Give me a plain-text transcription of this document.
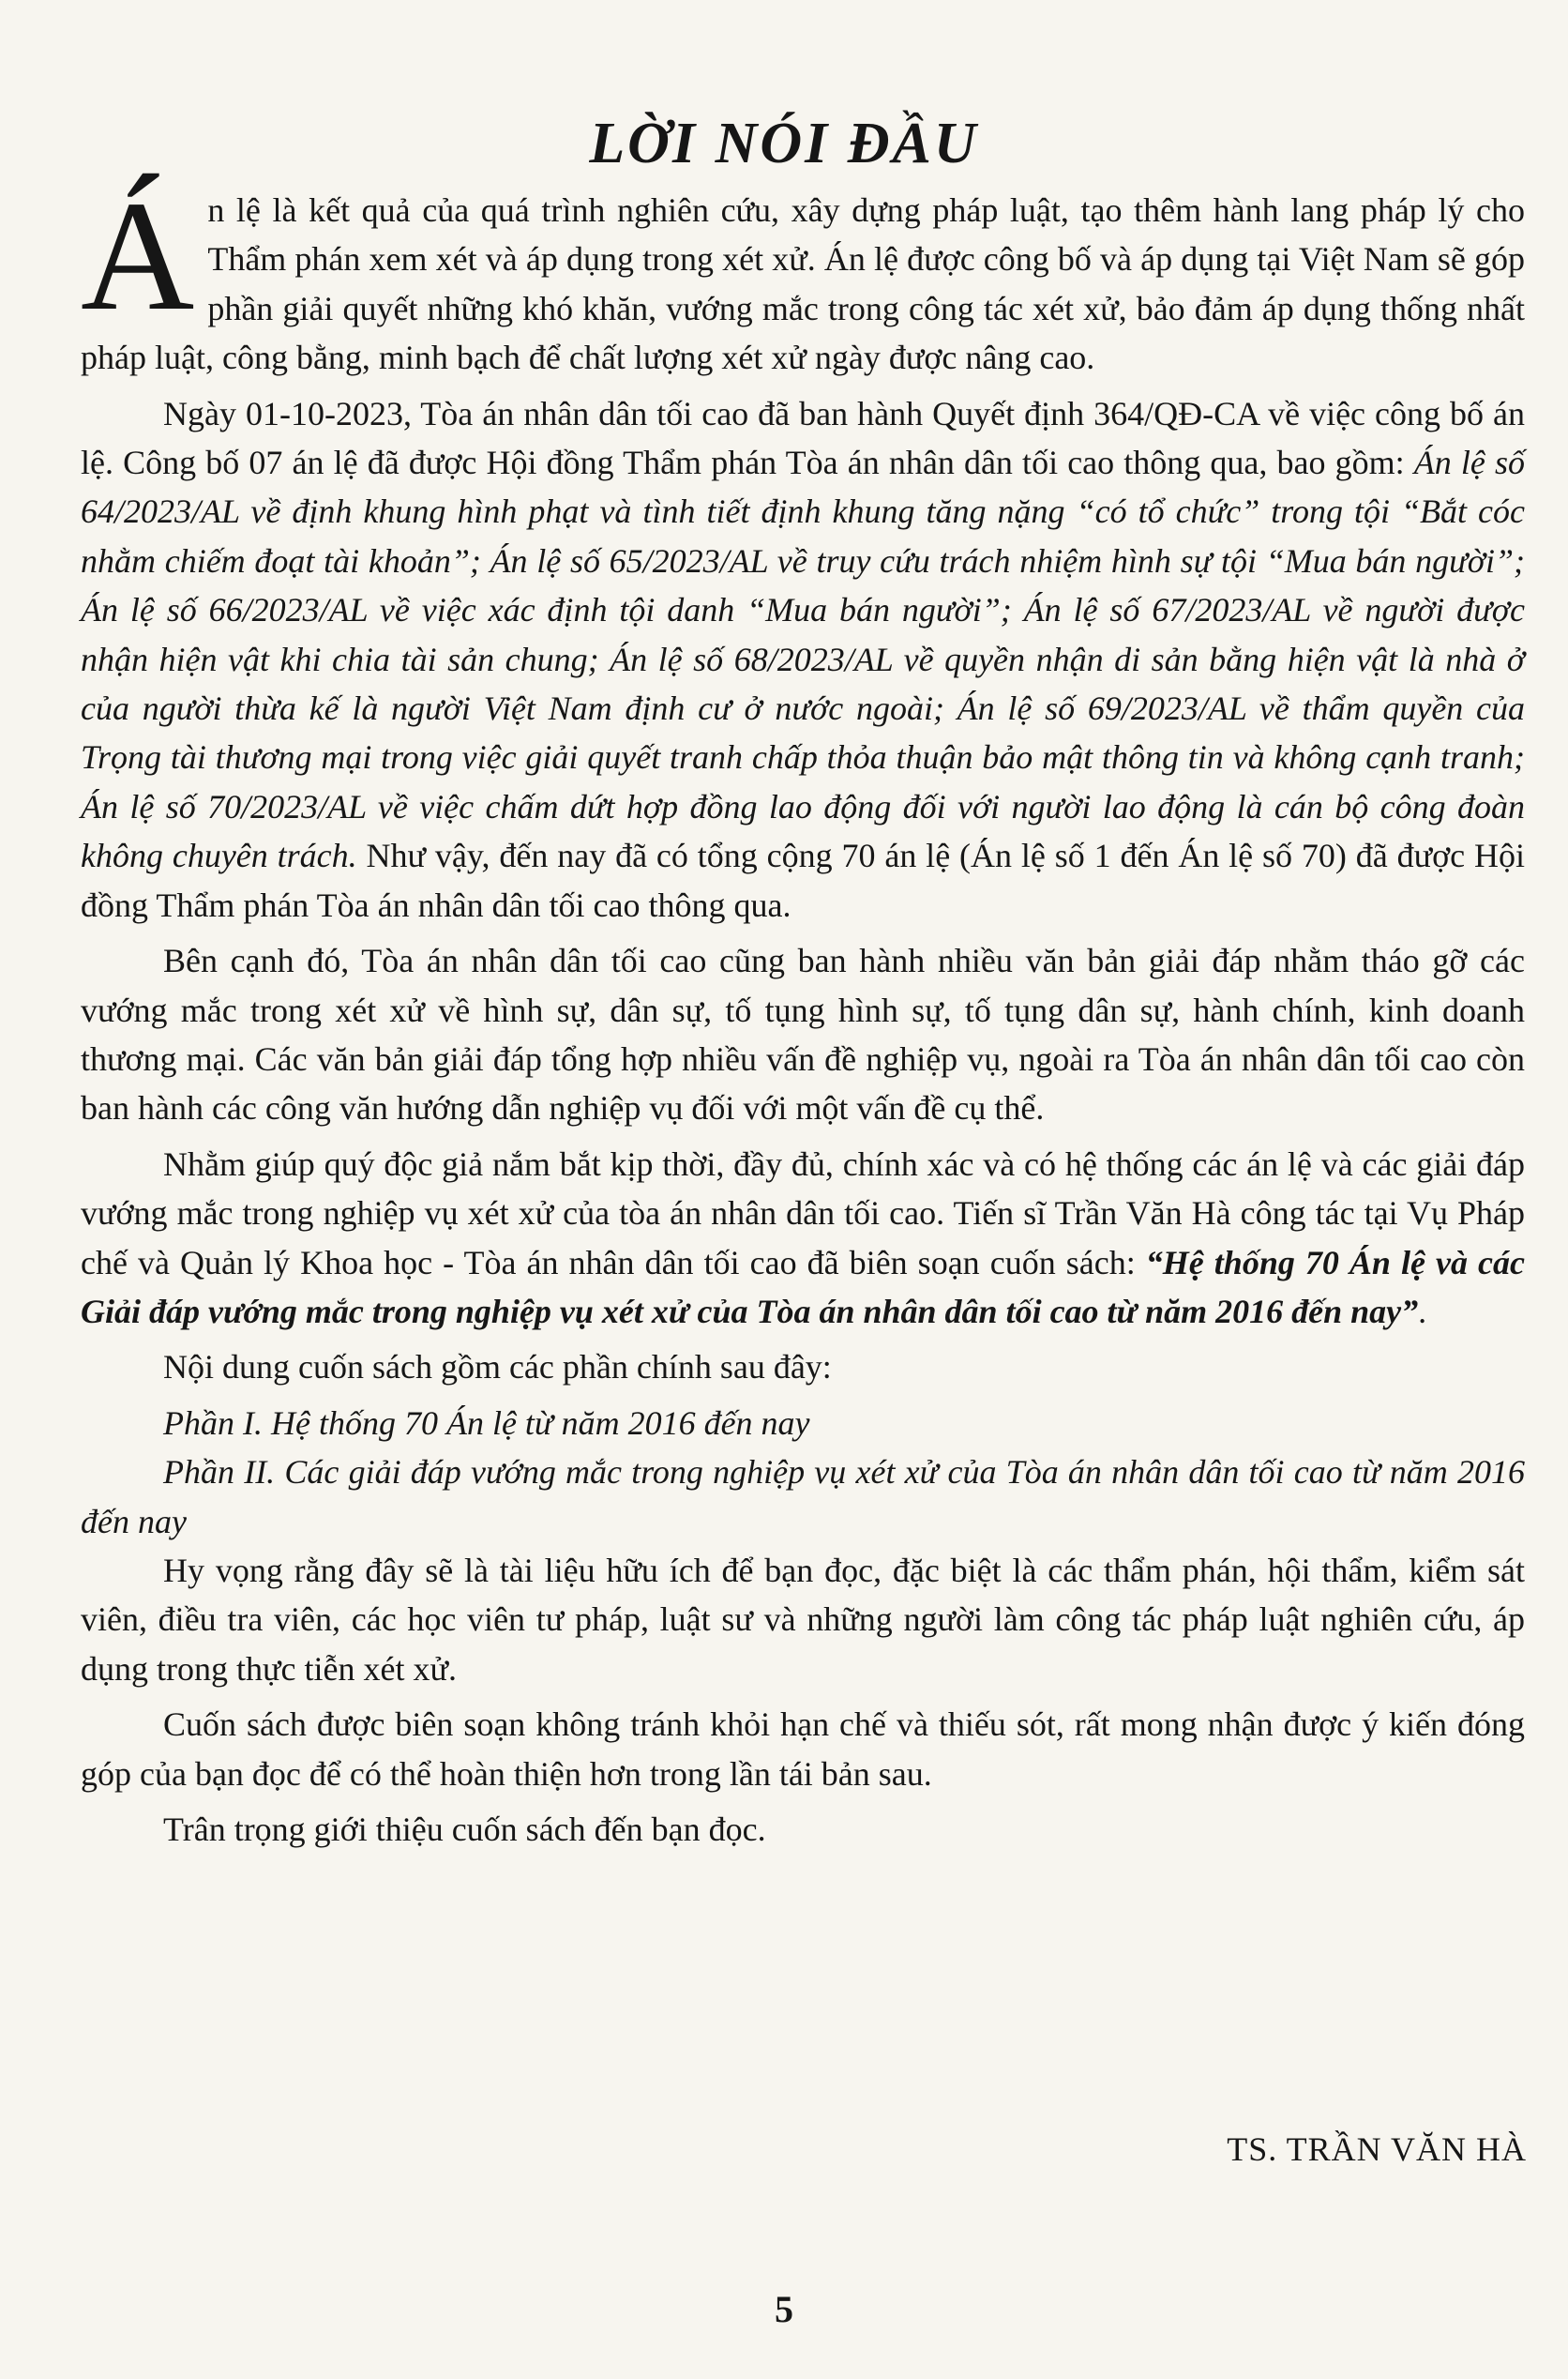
LỜI NÓI ĐẦU

Án lệ là kết quả của quá trình nghiên cứu, xây dựng pháp luật, tạo thêm hành lang pháp lý cho Thẩm phán xem xét và áp dụng trong xét xử. Án lệ được công bố và áp dụng tại Việt Nam sẽ góp phần giải quyết những khó khăn, vướng mắc trong công tác xét xử, bảo đảm áp dụng thống nhất pháp luật, công bằng, minh bạch để chất lượng xét xử ngày được nâng cao.

Ngày 01-10-2023, Tòa án nhân dân tối cao đã ban hành Quyết định 364/QĐ-CA về việc công bố án lệ. Công bố 07 án lệ đã được Hội đồng Thẩm phán Tòa án nhân dân tối cao thông qua, bao gồm: Án lệ số 64/2023/AL về định khung hình phạt và tình tiết định khung tăng nặng “có tổ chức” trong tội “Bắt cóc nhằm chiếm đoạt tài khoản”; Án lệ số 65/2023/AL về truy cứu trách nhiệm hình sự tội “Mua bán người”; Án lệ số 66/2023/AL về việc xác định tội danh “Mua bán người”; Án lệ số 67/2023/AL về người được nhận hiện vật khi chia tài sản chung; Án lệ số 68/2023/AL về quyền nhận di sản bằng hiện vật là nhà ở của người thừa kế là người Việt Nam định cư ở nước ngoài; Án lệ số 69/2023/AL về thẩm quyền của Trọng tài thương mại trong việc giải quyết tranh chấp thỏa thuận bảo mật thông tin và không cạnh tranh; Án lệ số 70/2023/AL về việc chấm dứt hợp đồng lao động đối với người lao động là cán bộ công đoàn không chuyên trách. Như vậy, đến nay đã có tổng cộng 70 án lệ (Án lệ số 1 đến Án lệ số 70) đã được Hội đồng Thẩm phán Tòa án nhân dân tối cao thông qua.

Bên cạnh đó, Tòa án nhân dân tối cao cũng ban hành nhiều văn bản giải đáp nhằm tháo gỡ các vướng mắc trong xét xử về hình sự, dân sự, tố tụng hình sự, tố tụng dân sự, hành chính, kinh doanh thương mại. Các văn bản giải đáp tổng hợp nhiều vấn đề nghiệp vụ, ngoài ra Tòa án nhân dân tối cao còn ban hành các công văn hướng dẫn nghiệp vụ đối với một vấn đề cụ thể.

Nhằm giúp quý độc giả nắm bắt kịp thời, đầy đủ, chính xác và có hệ thống các án lệ và các giải đáp vướng mắc trong nghiệp vụ xét xử của tòa án nhân dân tối cao. Tiến sĩ Trần Văn Hà công tác tại Vụ Pháp chế và Quản lý Khoa học - Tòa án nhân dân tối cao đã biên soạn cuốn sách: “Hệ thống 70 Án lệ và các Giải đáp vướng mắc trong nghiệp vụ xét xử của Tòa án nhân dân tối cao từ năm 2016 đến nay”.

Nội dung cuốn sách gồm các phần chính sau đây:

Phần I. Hệ thống 70 Án lệ từ năm 2016 đến nay

Phần II. Các giải đáp vướng mắc trong nghiệp vụ xét xử của Tòa án nhân dân tối cao từ năm 2016 đến nay

Hy vọng rằng đây sẽ là tài liệu hữu ích để bạn đọc, đặc biệt là các thẩm phán, hội thẩm, kiểm sát viên, điều tra viên, các học viên tư pháp, luật sư và những người làm công tác pháp luật nghiên cứu, áp dụng trong thực tiễn xét xử.

Cuốn sách được biên soạn không tránh khỏi hạn chế và thiếu sót, rất mong nhận được ý kiến đóng góp của bạn đọc để có thể hoàn thiện hơn trong lần tái bản sau.

Trân trọng giới thiệu cuốn sách đến bạn đọc.

TS. TRẦN VĂN HÀ
5
